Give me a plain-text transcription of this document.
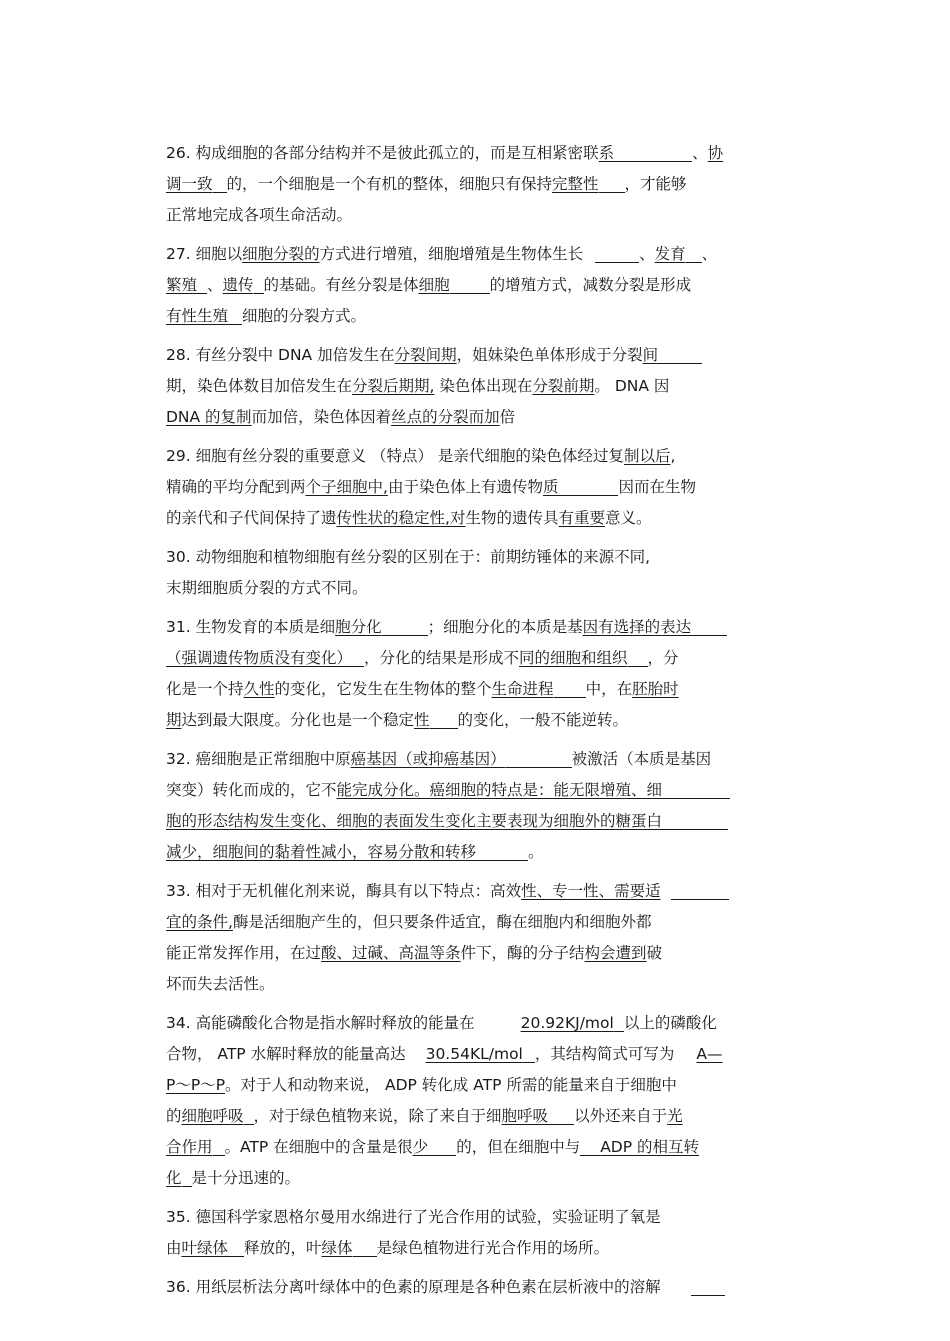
26. 构成细胞的各部分结构并不是彼此孤立的，而是互相紧密联系	、协
调一致 的，一个细胞是一个有机的整体，细胞只有保持完整性 ，才能够
正常地完成各项生命活动。
27. 细胞以细胞分裂的方式进行增殖，细胞增殖是生物体生长	、发育 、
繁殖 、遗传 的基础。有丝分裂是体细胞	的增殖方式，减数分裂是形成
有性生殖 细胞的分裂方式。
28. 有丝分裂中 DNA 加倍发生在分裂间期，姐妹染色单体形成于分裂间
期，染色体数目加倍发生在分裂后期期, 染色体出现在分裂前期。 DNA 因
DNA 的复制而加倍，染色体因着丝点的分裂而加倍
29. 细胞有丝分裂的重要意义 （特点） 是亲代细胞的染色体经过复制以后,
精确的平均分配到两个子细胞中,由于染色体上有遗传物质	因而在生物
的亲代和子代间保持了遗传性状的稳定性,对生物的遗传具有重要意义。
30. 动物细胞和植物细胞有丝分裂的区别在于：前期纺锤体的来源不同,
末期细胞质分裂的方式不同。
31. 生物发育的本质是细胞分化	；细胞分化的本质是基因有选择的表达
（强调遗传物质没有变化） ，分化的结果是形成不同的细胞和组织 ，分
化是一个持久性的变化，它发生在生物体的整个生命进程 中，在胚胎时
期达到最大限度。分化也是一个稳定性 的变化，一般不能逆转。
32. 癌细胞是正常细胞中原癌基因（或抑癌基因）	被激活（本质是基因
突变）转化而成的，它不能完成分化。癌细胞的特点是：能无限增殖、细
胞的形态结构发生变化、细胞的表面发生变化主要表现为细胞外的糖蛋白
减少，细胞间的黏着性减小，容易分散和转移	。
33. 相对于无机催化剂来说，酶具有以下特点：高效性、专一性、需要适
宜的条件,酶是活细胞产生的，但只要条件适宜，酶在细胞内和细胞外都
能正常发挥作用，在过酸、过碱、高温等条件下，酶的分子结构会遭到破
坏而失去活性。
34. 高能磷酸化合物是指水解时释放的能量在	20.92KJ/mol 以上的磷酸化
合物， ATP 水解时释放的能量高达 30.54KL/mol ，其结构简式可写为 A—
P～P～P。对于人和动物来说， ADP 转化成 ATP 所需的能量来自于细胞中
的细胞呼吸 ，对于绿色植物来说，除了来自于细胞呼吸 以外还来自于光
合作用 。ATP 在细胞中的含量是很少 的，但在细胞中与 ADP 的相互转
化 是十分迅速的。
35. 德国科学家恩格尔曼用水绵进行了光合作用的试验，实验证明了氧是
由叶绿体 释放的，叶绿体 是绿色植物进行光合作用的场所。
36. 用纸层析法分离叶绿体中的色素的原理是各种色素在层析液中的溶解
